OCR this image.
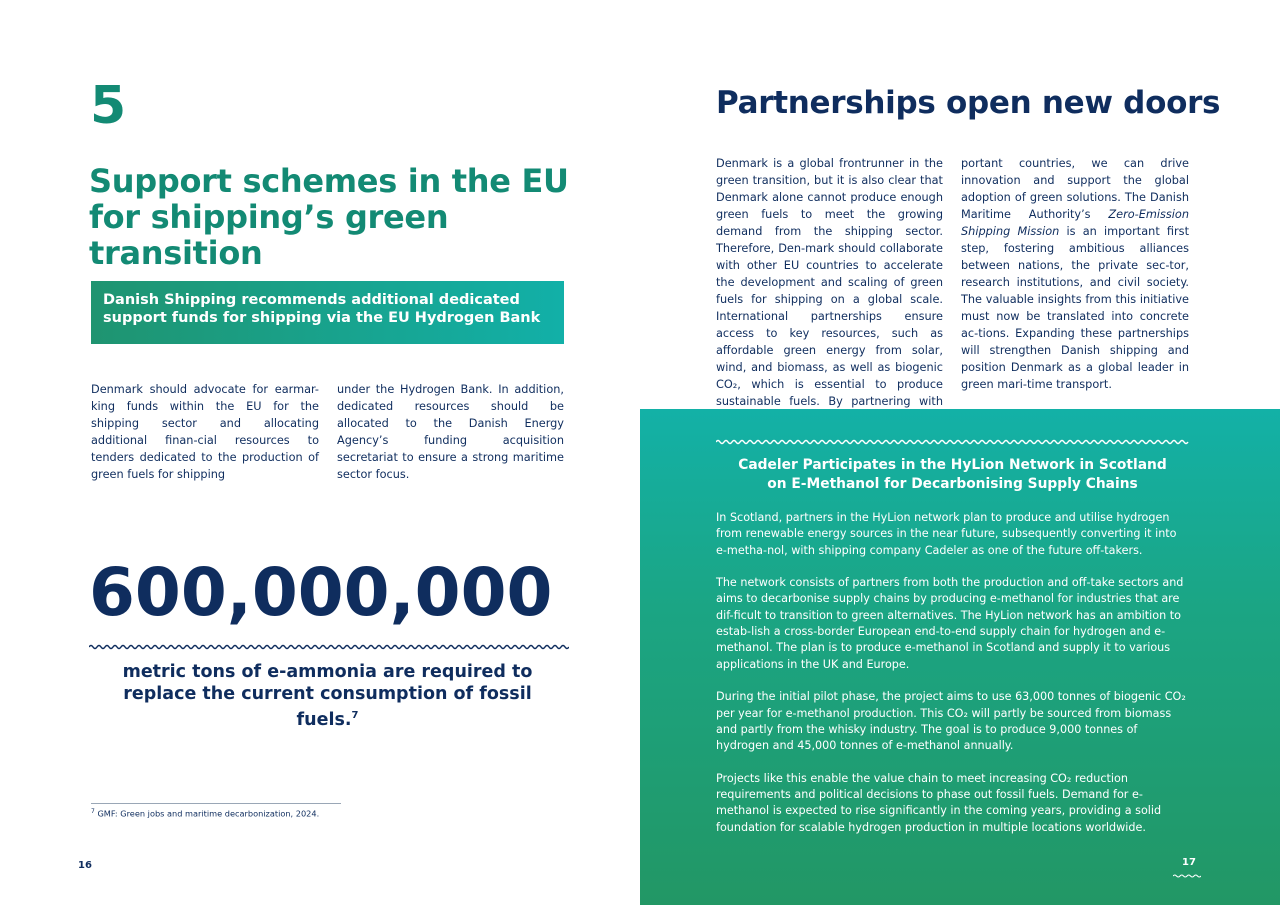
5
Support schemes in the EU for shipping’s green transition
Danish Shipping recommends additional dedicated support funds for shipping via the EU Hydrogen Bank
Denmark should advocate for earmar-king funds within the EU for the shipping sector and allocating additional finan-cial resources to tenders dedicated to the production of green fuels for shipping
under the Hydrogen Bank. In addition, dedicated resources should be allocated to the Danish Energy Agency’s funding acquisition secretariat to ensure a strong maritime sector focus.
600,000,000
metric tons of e-ammonia are required to replace the current consumption of fossil fuels.$^7$
$^7$ GMF: Green jobs and maritime decarbonization, 2024.
16
Partnerships open new doors
Denmark is a global frontrunner in the green transition, but it is also clear that Denmark alone cannot produce enough green fuels to meet the growing demand from the shipping sector. Therefore, Den-mark should collaborate with other EU countries to accelerate the development and scaling of green fuels for shipping on a global scale. International partnerships ensure access to key resources, such as affordable green energy from solar, wind, and biomass, as well as biogenic CO₂, which is essential to produce sustainable fuels. By partnering with
portant countries, we can drive innovation and support the global adoption of green solutions. The Danish Maritime Authority’s Zero-Emission Shipping Mission is an important first step, fostering ambitious alliances between nations, the private sec-tor, research institutions, and civil society. The valuable insights from this initiative must now be translated into concrete ac-tions. Expanding these partnerships will strengthen Danish shipping and position Denmark as a global leader in green mari-time transport.
Cadeler Participates in the HyLion Network in Scotland
on E-Methanol for Decarbonising Supply Chains

In Scotland, partners in the HyLion network plan to produce and utilise hydrogen from renewable energy sources in the near future, subsequently converting it into e-metha-nol, with shipping company Cadeler as one of the future off-takers.

The network consists of partners from both the production and off-take sectors and aims to decarbonise supply chains by producing e-methanol for industries that are dif-ficult to transition to green alternatives. The HyLion network has an ambition to estab-lish a cross-border European end-to-end supply chain for hydrogen and e-methanol. The plan is to produce e-methanol in Scotland and supply it to various applications in the UK and Europe.

During the initial pilot phase, the project aims to use 63,000 tonnes of biogenic CO₂ per year for e-methanol production. This CO₂ will partly be sourced from biomass and partly from the whisky industry. The goal is to produce 9,000 tonnes of hydrogen and 45,000 tonnes of e-methanol annually.

Projects like this enable the value chain to meet increasing CO₂ reduction requirements and political decisions to phase out fossil fuels. Demand for e-methanol is expected to rise significantly in the coming years, providing a solid foundation for scalable hydrogen production in multiple locations worldwide.

17
